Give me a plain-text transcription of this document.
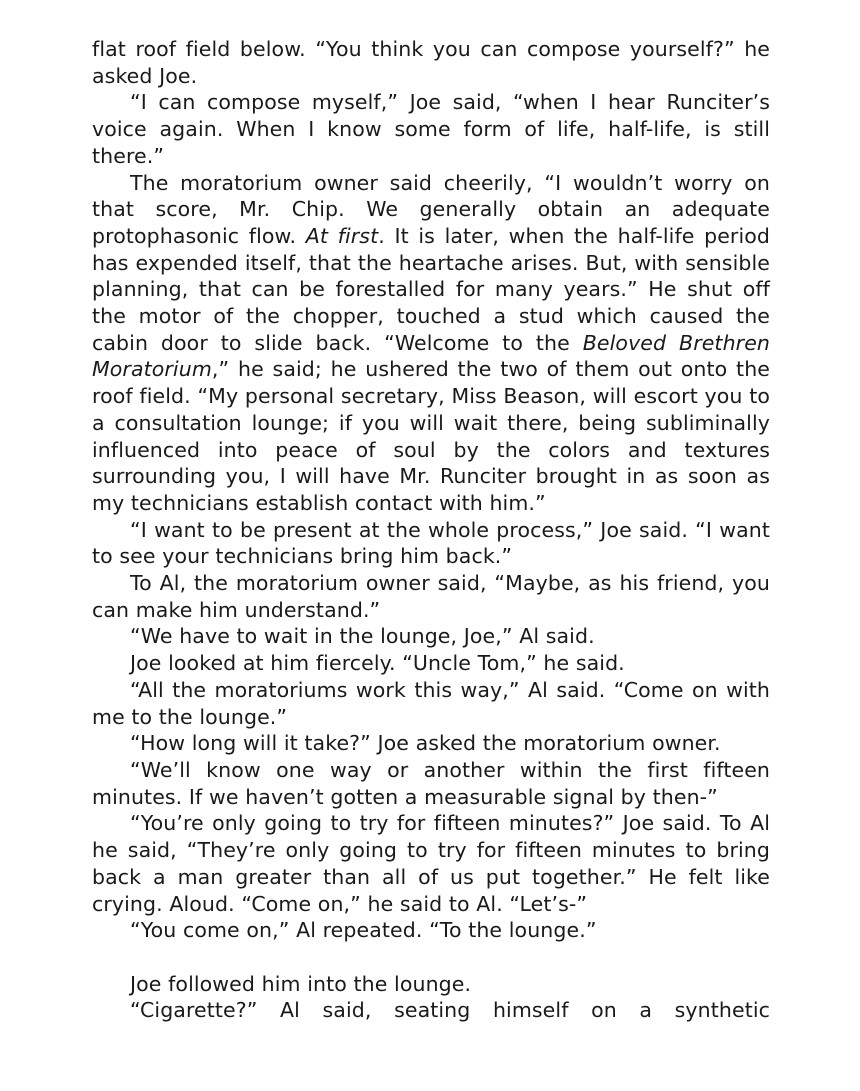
flat roof field below. “You think you can compose yourself?” he asked Joe.

“I can compose myself,” Joe said, “when I hear Runciter’s voice again. When I know some form of life, half-life, is still there.”

The moratorium owner said cheerily, “I wouldn’t worry on that score, Mr. Chip. We generally obtain an adequate protophasonic flow. At first. It is later, when the half-life period has expended itself, that the heartache arises. But, with sensible planning, that can be forestalled for many years.” He shut off the motor of the chopper, touched a stud which caused the cabin door to slide back. “Welcome to the Beloved Brethren Moratorium,” he said; he ushered the two of them out onto the roof field. “My personal secretary, Miss Beason, will escort you to a consultation lounge; if you will wait there, being subliminally influenced into peace of soul by the colors and textures surrounding you, I will have Mr. Runciter brought in as soon as my technicians establish contact with him.”

“I want to be present at the whole process,” Joe said. “I want to see your technicians bring him back.”

To Al, the moratorium owner said, “Maybe, as his friend, you can make him understand.”

“We have to wait in the lounge, Joe,” Al said.

Joe looked at him fiercely. “Uncle Tom,” he said.

“All the moratoriums work this way,” Al said. “Come on with me to the lounge.”

“How long will it take?” Joe asked the moratorium owner.

“We’ll know one way or another within the first fifteen minutes. If we haven’t gotten a measurable signal by then-”

“You’re only going to try for fifteen minutes?” Joe said. To Al he said, “They’re only going to try for fifteen minutes to bring back a man greater than all of us put together.” He felt like crying. Aloud. “Come on,” he said to Al. “Let’s-”

“You come on,” Al repeated. “To the lounge.”

Joe followed him into the lounge.

“Cigarette?” Al said, seating himself on a synthetic
